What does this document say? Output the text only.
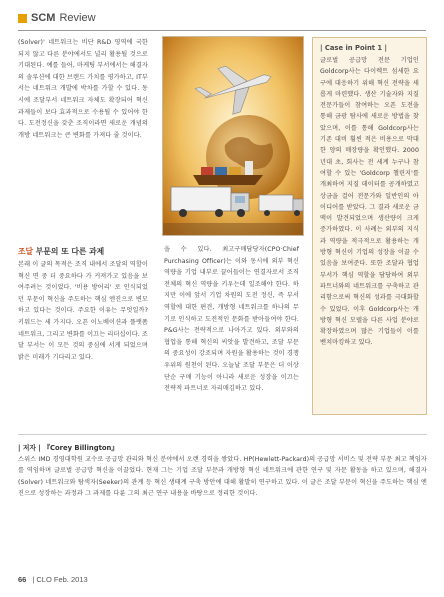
SCM Review

(Solver)' 네트워크는 비단 R&D 영역에 국한 되지 않고 다른 분야에서도 널리 활용될 것으로 기대된다. 예를 들어, 마케팅 부서에서는 해결자의 솔루션에 대한 브랜드 가치를 평가하고, IT부서는 네트워크 개발에 박차를 가할 수 있다. 동시에 조달부서 네트워크 자체도 확장되어 혁신과제들이 보다 효과적으로 수용될 수 있어야 한다. 도전정신을 갖춘 조직이라면 새로운 개념의 개방 네트워크는 큰 변화를 가져다 줄 것이다.

조달 부문의 또 다른 과제

본래 이 글의 목적은 조직 내에서 조달의 역할이 혁신 면 중 더 중요하다 가 커져가고 있음을 보여주려는 것이었다. '비용 방어리' 로 인식되었던 부문이 혁신을 주도하는 핵심 엔진으로 변모하고 있다는 것이다. 주요한 이유는 무엇일까? 키워드는 세 가지다. 오픈 이노베이션과 플랫폼 네트워크, 그리고 변화를 이끄는 리더십이다. 조달 부서는 이 모든 것의 중심에 서게 되었으며 밝은 미래가 기다리고 있다.

을 수 있다. 최고구매담당자(CPO·Chief Purchasing Officer)는 이와 동시에 외부 혁신 역량을 기업 내부로 끌어들이는 연결자로서 조직 전체의 혁신 역량을 키우는데 일조해야 한다. 하지만 이에 앞서 기업 차원의 도전 정신, 즉 부서 역할에 대한 편견, 개방형 네트워크를 하나의 무기로 인식하고 도전적인 문화를 받아들여야 한다. P&G사는 전략적으로 나아가고 있다. 외부와의 협업을 통해 혁신의 씨앗을 발견하고, 조달 부문의 중요성이 강조되며 자원을 활용하는 것이 경쟁 우위의 원천이 된다. 오늘날 조달 부문은 더 이상 단순 구매 기능이 아니라 새로운 성장을 이끄는 전략적 파트너로 자리매김하고 있다.

| Case in Point 1 |

글로벌 공급망 전문 기업인 Goldcorp사는 다이렉트 섬세한 요구에 대응하기 위해 혁신 전략을 새롭게 마련했다. 생산 기술자와 지질 전문가들이 참여하는 오픈 도전을 통해 금광 탐사에 새로운 방법을 찾았으며, 이를 통해 Goldcorp사는 기존 대비 훨씬 적은 비용으로 막대한 양의 매장량을 확인했다. 2000년대 초, 회사는 전 세계 누구나 참여할 수 있는 'Goldcorp 챌린지'를 개최하여 지질 데이터를 공개하였고 상금을 걸어 전문가와 일반인의 아이디어를 받았다. 그 결과 새로운 금맥이 발견되었으며 생산량이 크게 증가하였다. 이 사례는 외부의 지식과 역량을 적극적으로 활용하는 개방형 혁신이 기업의 성장을 이끌 수 있음을 보여준다. 또한 조달과 협업 부서가 핵심 역할을 담당하여 외부 파트너와의 네트워크를 구축하고 관리함으로써 혁신의 성과를 극대화할 수 있었다. 이후 Goldcorp사는 개방형 혁신 모델을 다른 사업 분야로 확장하였으며 많은 기업들이 이를 벤치마킹하고 있다.

| 저자 | 『Corey Billington』

스위스 IMD 경영대학원 교수로 공급망 관리와 혁신 분야에서 오랜 경력을 쌓았다. HP(Hewlett-Packard)의 공급망 서비스 및 전략 부문 최고 책임자를 역임하며 글로벌 공급망 혁신을 이끌었다. 현재 그는 기업 조달 부문과 개방형 혁신 네트워크에 관한 연구 및 자문 활동을 하고 있으며, 해결자(Solver) 네트워크와 탐색자(Seeker)의 관계 등 혁신 생태계 구축 방안에 대해 활발히 연구하고 있다. 이 글은 조달 부문이 혁신을 주도하는 핵심 엔진으로 성장하는 과정과 그 과제를 다룬 그의 최근 연구 내용을 바탕으로 정리한 것이다.

66 | CLO Feb. 2013
